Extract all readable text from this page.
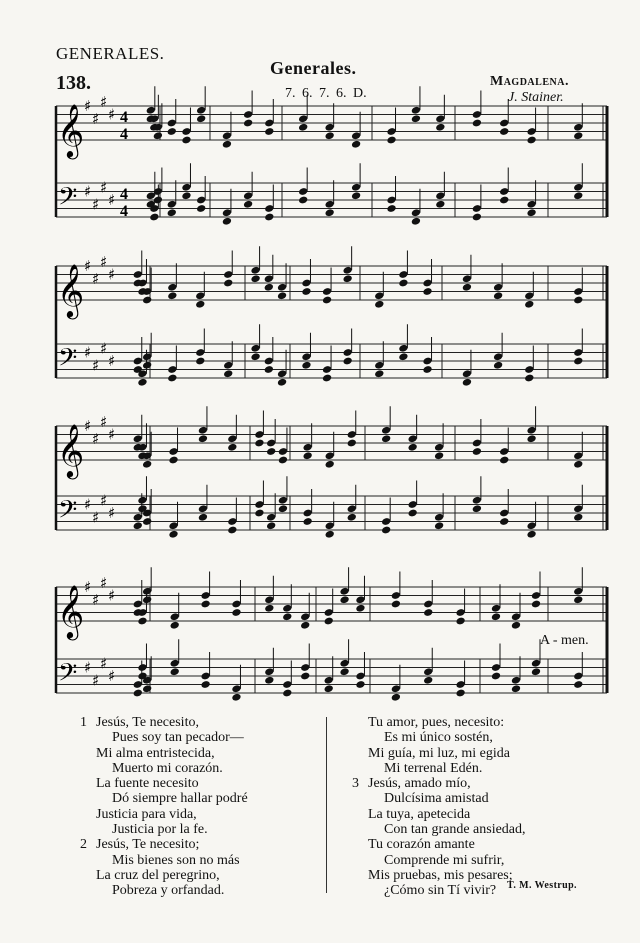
GENERALES.
138.
Generales.
7. 6. 7. 6. D.
Magdalena.
J. Stainer.
𝄞 ♯
♯
♯
♯ 4
4
𝄢 ♯
♯
♯
♯ 4
4
𝄞 ♯
♯
♯
♯
𝄢 ♯
♯
♯
♯
𝄞 ♯
♯
♯
♯
𝄢 ♯
♯
♯
♯
𝄞 ♯
♯
♯
♯
𝄢 ♯
♯
♯
♯
A - men.
1 Jesús, Te necesito,
Pues soy tan pecador—
Mi alma entristecida,
Muerto mi corazón.
La fuente necesito
Dó siempre hallar podré
Justicia para vida,
Justicia por la fe.
2 Jesús, Te necesito;
Mis bienes son no más
La cruz del peregrino,
Pobreza y orfandad.
Tu amor, pues, necesito:
Es mi único sostén,
Mi guía, mi luz, mi egida
Mi terrenal Edén.
3 Jesús, amado mío,
Dulcísima amistad
La tuya, apetecida
Con tan grande ansiedad,
Tu corazón amante
Comprende mi sufrir,
Mis pruebas, mis pesares;
¿Cómo sin Tí vivir?	T. M. Westrup.
